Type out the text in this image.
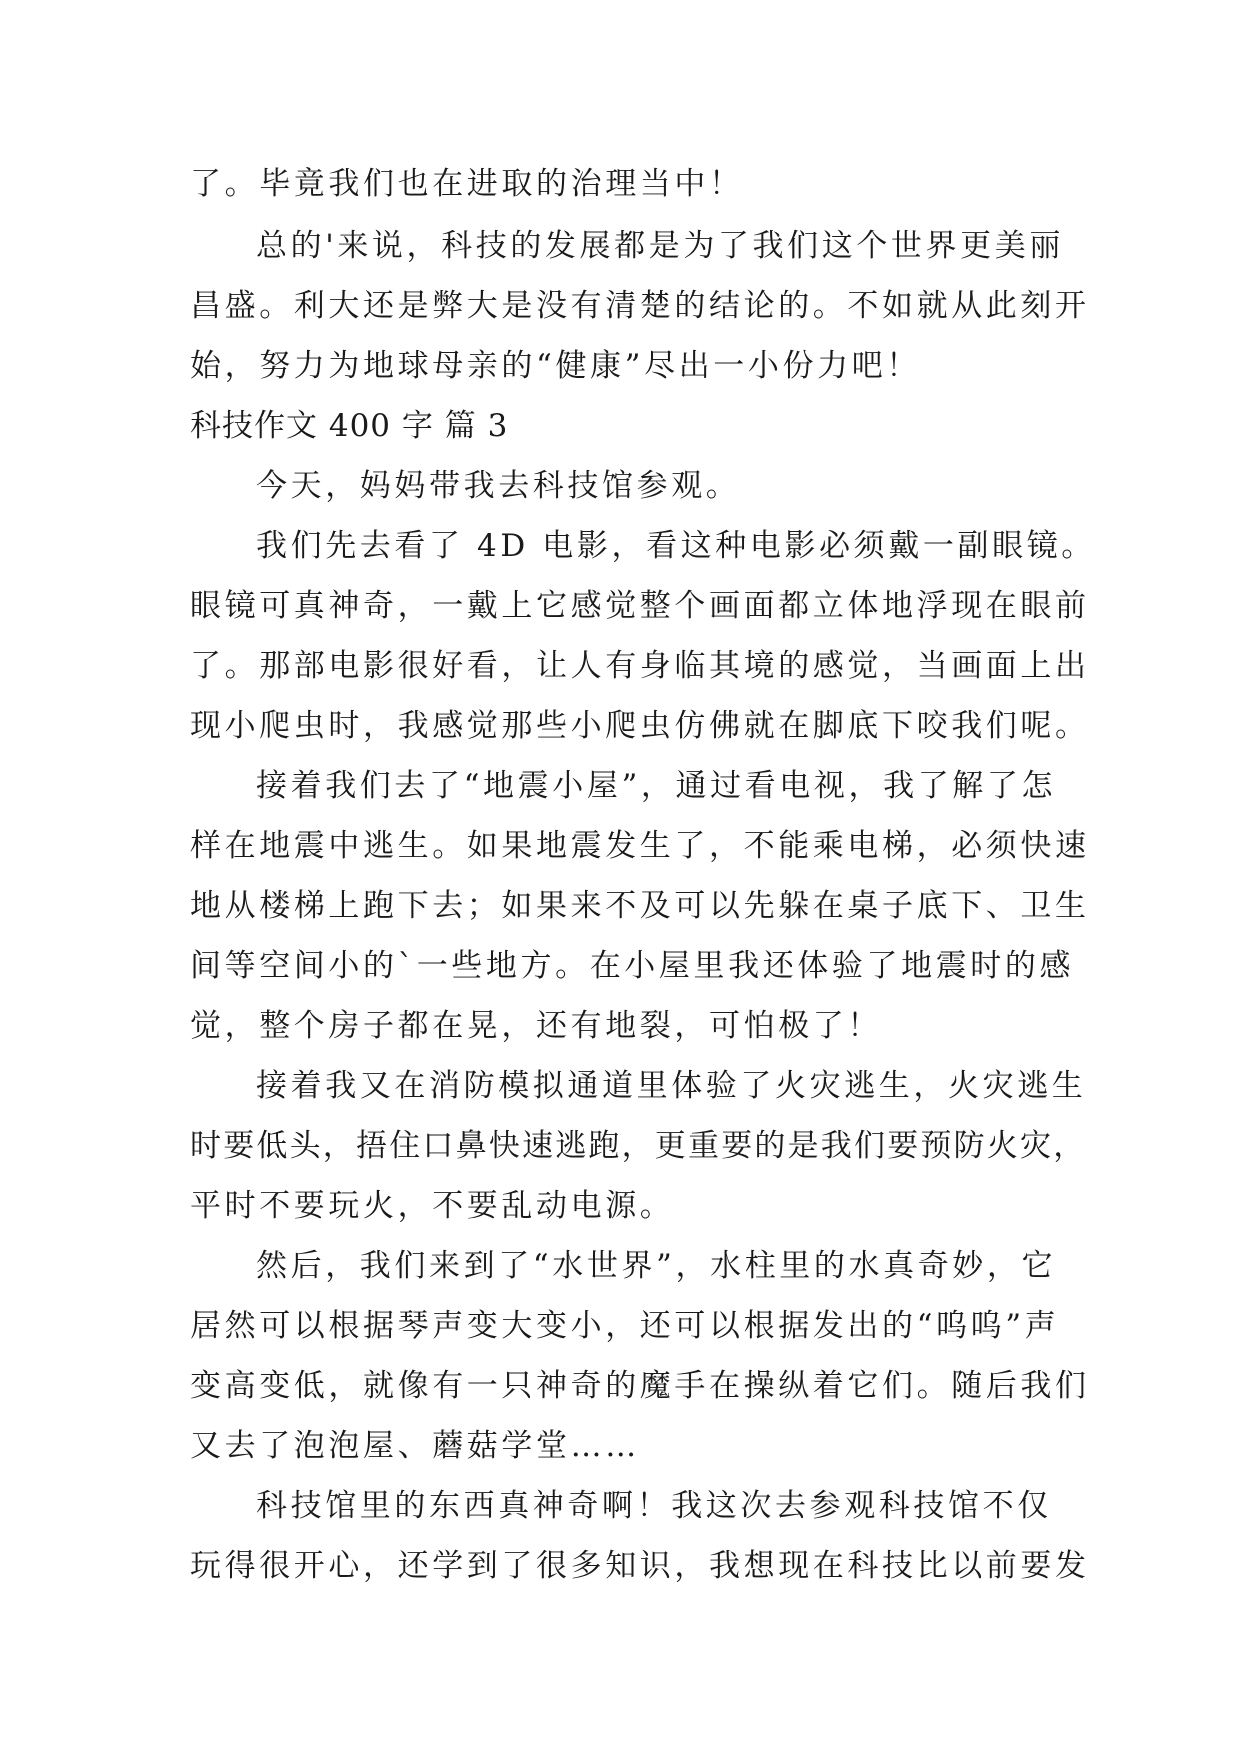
了。毕竟我们也在进取的治理当中！
总的'来说，科技的发展都是为了我们这个世界更美丽
昌盛。利大还是弊大是没有清楚的结论的。不如就从此刻开
始，努力为地球母亲的“健康”尽出一小份力吧！
科技作文 400 字 篇 3
今天，妈妈带我去科技馆参观。
我们先去看了 4D 电影，看这种电影必须戴一副眼镜。
眼镜可真神奇，一戴上它感觉整个画面都立体地浮现在眼前
了。那部电影很好看，让人有身临其境的感觉，当画面上出
现小爬虫时，我感觉那些小爬虫仿佛就在脚底下咬我们呢。
接着我们去了“地震小屋”，通过看电视，我了解了怎
样在地震中逃生。如果地震发生了，不能乘电梯，必须快速
地从楼梯上跑下去；如果来不及可以先躲在桌子底下、卫生
间等空间小的`一些地方。在小屋里我还体验了地震时的感
觉，整个房子都在晃，还有地裂，可怕极了！
接着我又在消防模拟通道里体验了火灾逃生，火灾逃生
时要低头，捂住口鼻快速逃跑，更重要的是我们要预防火灾，
平时不要玩火，不要乱动电源。
然后，我们来到了“水世界”，水柱里的水真奇妙，它
居然可以根据琴声变大变小，还可以根据发出的“呜呜”声
变高变低，就像有一只神奇的魔手在操纵着它们。随后我们
又去了泡泡屋、蘑菇学堂……
科技馆里的东西真神奇啊！我这次去参观科技馆不仅
玩得很开心，还学到了很多知识，我想现在科技比以前要发
